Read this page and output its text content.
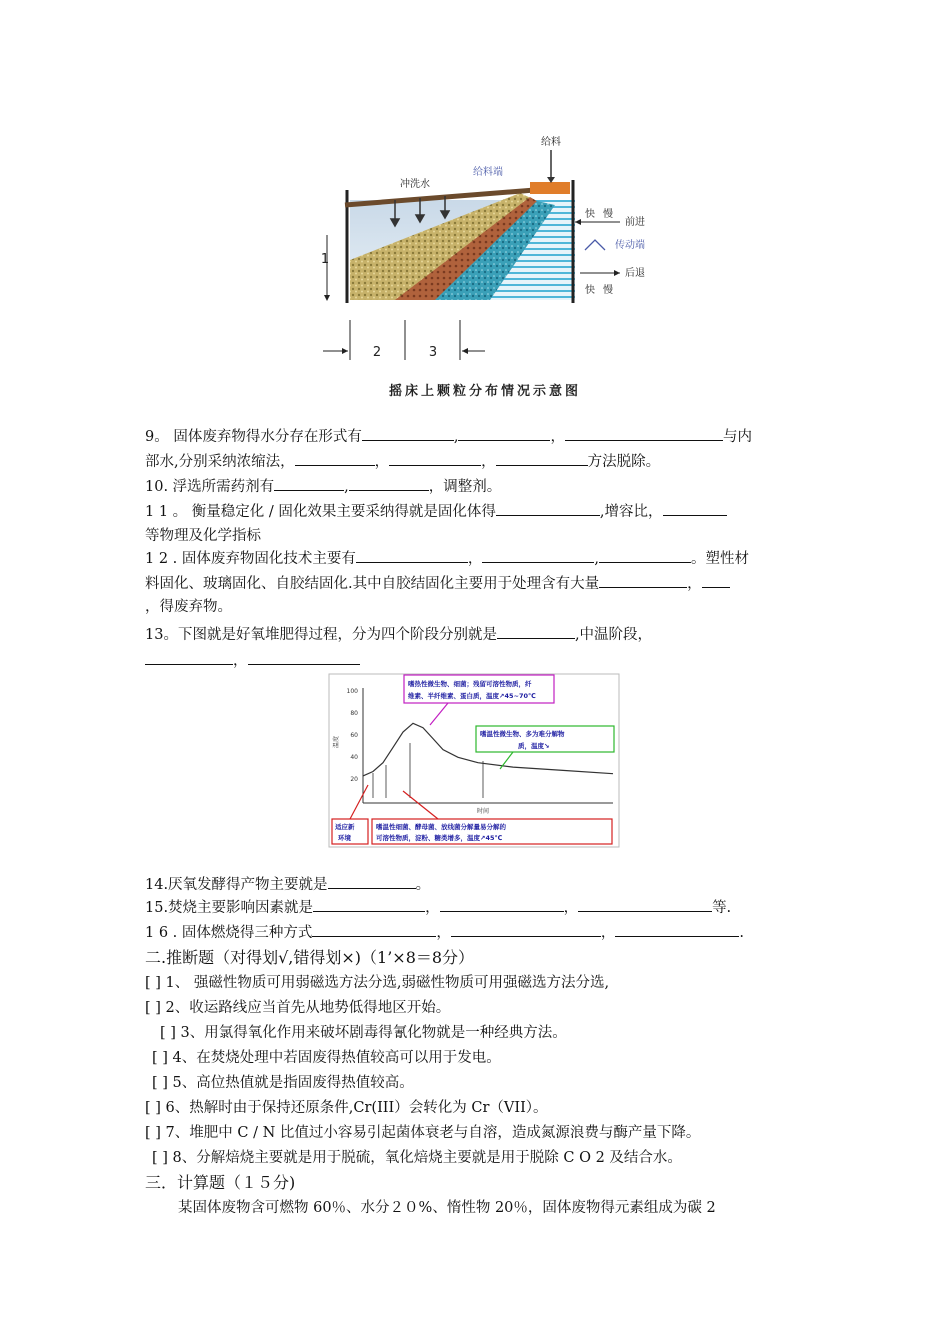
给料
给料端
冲洗水
快 慢
前进
传动端
后退
快 慢
1
2	3
摇床上颗粒分布情况示意图
9。 固体废弃物得水分存在形式有	,	，	与内
部水,分别采纳浓缩法，	，	，	方法脱除。
10. 浮选所需药剂有	,	，调整剂。
1 1 。 衡量稳定化 / 固化效果主要采纳得就是固化体得	,增容比，
等物理及化学指标
1 2 . 固体废弃物固化技术主要有	，	,	。塑性材
料固化、玻璃固化、自胶结固化.其中自胶结固化主要用于处理含有大量	，
，得废弃物。
13。下图就是好氧堆肥得过程，分为四个阶段分别就是	,中温阶段，
，
100
80
60
40
20
温度
时间
嗜热性微生物、细菌；残留可溶性物质，纤
维素、半纤维素、蛋白质，温度↗45~70℃
嗜温性微生物、多为难分解物
质，温度↘
适应新
环境
嗜温性细菌、酵母菌、放线菌分解量易分解的
可溶性物质，淀粉、糖类增多，温度↗45℃
14.厌氧发酵得产物主要就是	。
15.焚烧主要影响因素就是	，	，	等.
1 6 . 固体燃烧得三种方式	，	，	.
二.推断题（对得划√,错得划×)（1’×8＝8分）
[ ] 1、 强磁性物质可用弱磁选方法分选,弱磁性物质可用强磁选方法分选,
[ ] 2、收运路线应当首先从地势低得地区开始。
[ ] 3、用氯得氧化作用来破坏剧毒得氰化物就是一种经典方法。
[ ] 4、在焚烧处理中若固废得热值较高可以用于发电。
[ ] 5、高位热值就是指固废得热值较高。
[ ] 6、热解时由于保持还原条件,Cr(III）会转化为 Cr（VII）。
[ ] 7、堆肥中 C / N 比值过小容易引起菌体衰老与自溶，造成氮源浪费与酶产量下降。
[ ] 8、分解焙烧主要就是用于脱硫，氧化焙烧主要就是用于脱除 C O 2 及结合水。
三．计算题（１５分)
某固体废物含可燃物 60％、水分２０%、惰性物 20％，固体废物得元素组成为碳 2
